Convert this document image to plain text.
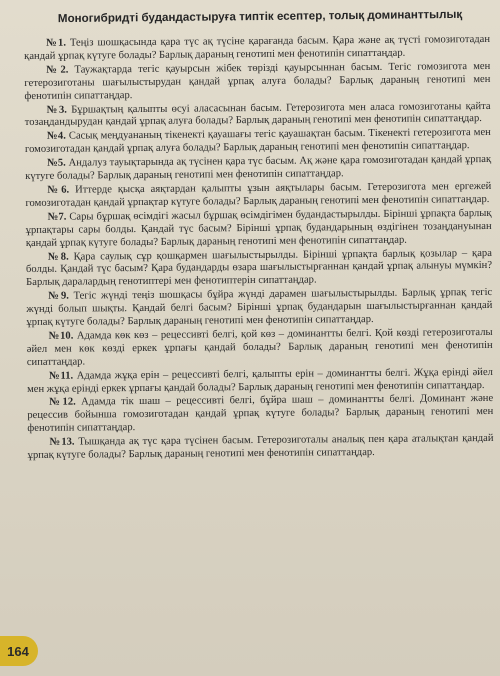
Моногибридті будандастыруға типтік есептер, толық доминанттылық

№1. Теңіз шошқасында қара түс ақ түсіне қарағанда басым. Қара және ақ түсті гомозиготадан қандай ұрпақ күтуге болады? Барлық дараның генотипі мен фенотипін сипаттаңдар.

№2. Таужақтарда тегіс қауырсын жібек төрізді қауырсыннан басым. Тегіс гомозигота мен гетерозиготаны шағылыстырудан қандай ұрпақ алуға болады? Барлық дараның генотипі мен фенотипін сипаттаңдар.

№3. Бұршақтың қалыпты өсуі аласасынан басым. Гетерозигота мен аласа гомозиготаны қайта тозаңдандырудан қандай ұрпақ алуға болады? Барлық дараның генотипі мен фенотипін сипаттаңдар.

№4. Сасық меңдуананың тікенекті қауашағы тегіс қауашақтан басым. Тікенекті гетерозигота мен гомозиготадан қандай ұрпақ алуға болады? Барлық дараның генотипі мен фенотипін сипаттаңдар.

№5. Андалуз тауықтарында ақ түсінен қара түс басым. Ақ және қара гомозиготадан қандай ұрпақ күтуге болады? Барлық дараның генотипі мен фенотипін сипаттаңдар.

№6. Иттерде қысқа аяқтардан қалыпты ұзын аяқтылары басым. Гетерозигота мен ергежей гомозиготадан қандай ұрпақтар күтуге болады? Барлық дараның генотипі мен фенотипін сипаттаңдар.

№7. Сары бұршақ өсімдігі жасыл бұршақ өсімдігімен будандастырылды. Бірінші ұрпақта барлық ұрпақтары сары болды. Қандай түс басым? Бірінші ұрпақ будандарының өздігінен тозаңдануынан қандай ұрпақ күтуге болады? Барлық дараның генотипі мен фенотипін сипаттаңдар.

№8. Қара саулық сұр қошқармен шағылыстырылды. Бірінші ұрпақта барлық қозылар – қара болды. Қандай түс басым? Қара будандарды өзара шағылыстырғаннан қандай ұрпақ алынуы мүмкін? Барлық даралардың генотиптері мен фенотиптерін сипаттаңдар.

№9. Тегіс жүнді теңіз шошқасы бұйра жүнді дарамен шағылыстырылды. Барлық ұрпақ тегіс жүнді болып шықты. Қандай белгі басым? Бірінші ұрпақ будандарын шағылыстырғаннан қандай ұрпақ күтуге болады? Барлық дараның генотипі мен фенотипін сипаттаңдар.

№10. Адамда көк көз – рецессивті белгі, қой көз – доминантты белгі. Қой көзді гетерозиготалы әйел мен көк көзді еркек ұрпағы қандай болады? Барлық дараның генотипі мен фенотипін сипаттаңдар.

№11. Адамда жұқа ерін – рецессивті белгі, қалыпты ерін – доминантты белгі. Жұқа ерінді әйел мен жұқа ерінді еркек ұрпағы қандай болады? Барлық дараның генотипі мен фенотипін сипаттаңдар.

№12. Адамда тік шаш – рецессивті белгі, бұйра шаш – доминантты белгі. Доминант және рецессив бойынша гомозиготадан қандай ұрпақ күтуге болады? Барлық дараның генотипі мен фенотипін сипаттаңдар.

№13. Тышқанда ақ түс қара түсінен басым. Гетерозиготалы аналық пен қара аталықтан қандай ұрпақ күтуге болады? Барлық дараның генотипі мен фенотипін сипаттаңдар.

164
